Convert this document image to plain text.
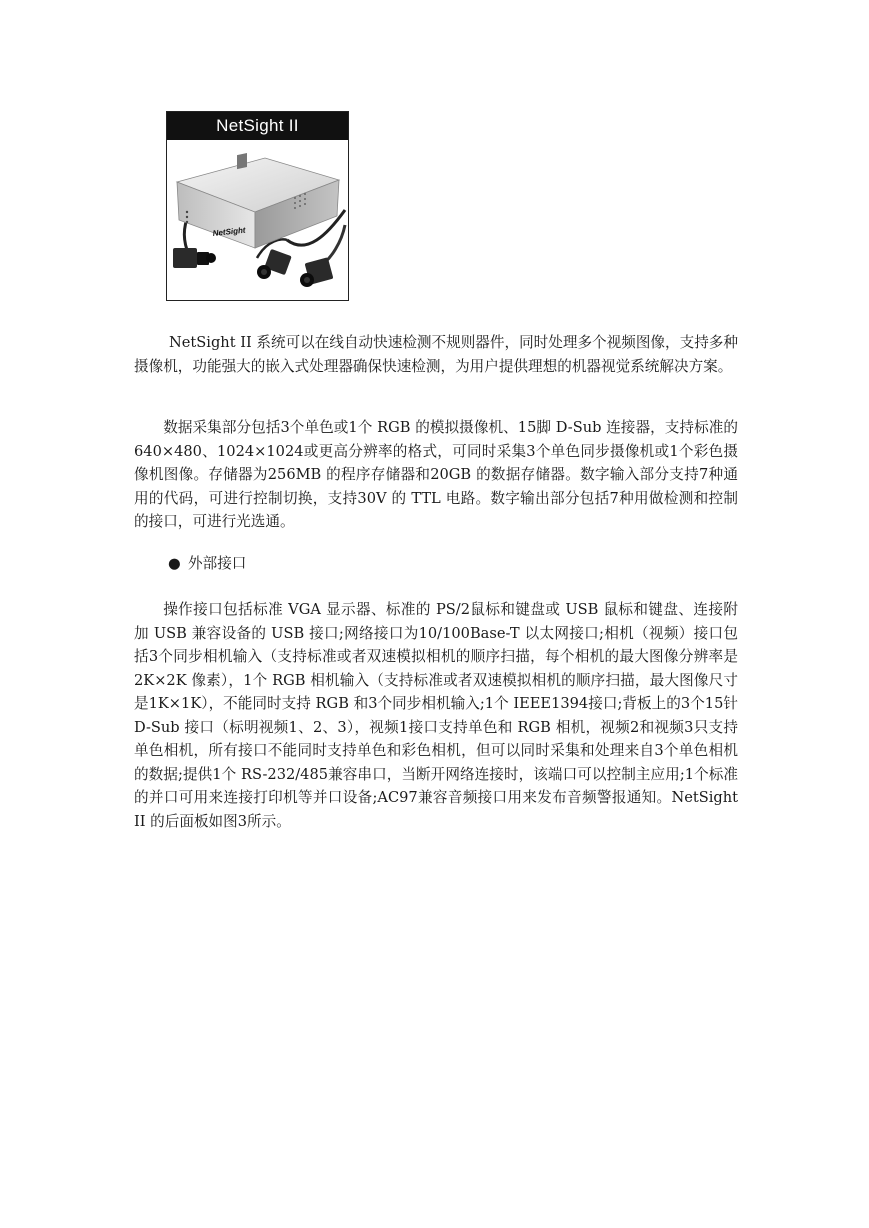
NetSight II
NetSight

NetSight II 系统可以在线自动快速检测不规则器件，同时处理多个视频图像，支持多种摄像机，功能强大的嵌入式处理器确保快速检测，为用户提供理想的机器视觉系统解决方案。

数据采集部分包括3个单色或1个 RGB 的模拟摄像机、15脚 D-Sub 连接器，支持标准的640×480、1024×1024或更高分辨率的格式，可同时采集3个单色同步摄像机或1个彩色摄像机图像。存储器为256MB 的程序存储器和20GB 的数据存储器。数字输入部分支持7种通用的代码，可进行控制切换，支持30V 的 TTL 电路。数字输出部分包括7种用做检测和控制的接口，可进行光选通。

● 外部接口

操作接口包括标准 VGA 显示器、标准的 PS/2鼠标和键盘或 USB 鼠标和键盘、连接附加 USB 兼容设备的 USB 接口;网络接口为10/100Base-T 以太网接口;相机（视频）接口包括3个同步相机输入（支持标准或者双速模拟相机的顺序扫描，每个相机的最大图像分辨率是2K×2K 像素），1个 RGB 相机输入（支持标准或者双速模拟相机的顺序扫描，最大图像尺寸是1K×1K），不能同时支持 RGB 和3个同步相机输入;1个 IEEE1394接口;背板上的3个15针 D-Sub 接口（标明视频1、2、3），视频1接口支持单色和 RGB 相机，视频2和视频3只支持单色相机，所有接口不能同时支持单色和彩色相机，但可以同时采集和处理来自3个单色相机的数据;提供1个 RS-232/485兼容串口，当断开网络连接时，该端口可以控制主应用;1个标准的并口可用来连接打印机等并口设备;AC97兼容音频接口用来发布音频警报通知。NetSight II 的后面板如图3所示。
